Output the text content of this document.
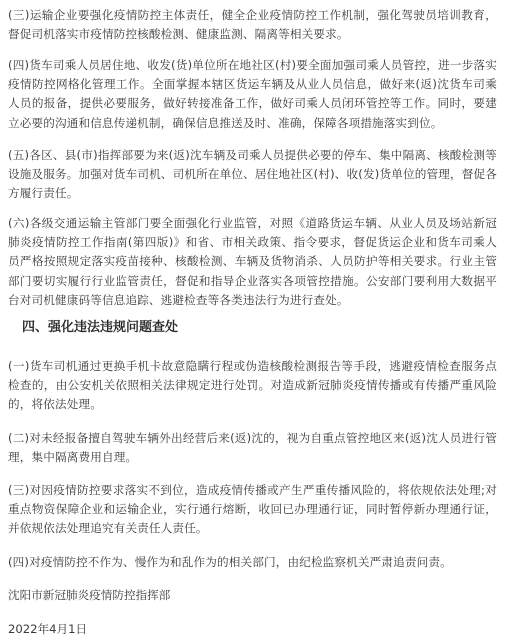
(三)运输企业要强化疫情防控主体责任，健全企业疫情防控工作机制，强化驾驶员培训教育，督促司机落实市疫情防控核酸检测、健康监测、隔离等相关要求。

(四)货车司乘人员居住地、收发(货)单位所在地社区(村)要全面加强司乘人员管控，进一步落实疫情防控网格化管理工作。全面掌握本辖区货运车辆及从业人员信息，做好来(返)沈货车司乘人员的报备，提供必要服务，做好转接准备工作，做好司乘人员闭环管控等工作。同时，要建立必要的沟通和信息传递机制，确保信息推送及时、准确，保障各项措施落实到位。

(五)各区、县(市)指挥部要为来(返)沈车辆及司乘人员提供必要的停车、集中隔离、核酸检测等设施及服务。加强对货车司机、司机所在单位、居住地社区(村)、收(发)货单位的管理，督促各方履行责任。

(六)各级交通运输主管部门要全面强化行业监管，对照《道路货运车辆、从业人员及场站新冠肺炎疫情防控工作指南(第四版)》和省、市相关政策、指令要求，督促货运企业和货车司乘人员严格按照规定落实疫苗接种、核酸检测、车辆及货物消杀、人员防护等相关要求。行业主管部门要切实履行行业监管责任，督促和指导企业落实各项管控措施。公安部门要利用大数据平台对司机健康码等信息追踪、逃避检查等各类违法行为进行查处。

四、强化违法违规问题查处

(一)货车司机通过更换手机卡故意隐瞒行程或伪造核酸检测报告等手段，逃避疫情检查服务点检查的，由公安机关依照相关法律规定进行处罚。对造成新冠肺炎疫情传播或有传播严重风险的，将依法处理。

(二)对未经报备擅自驾驶车辆外出经营后来(返)沈的，视为自重点管控地区来(返)沈人员进行管理，集中隔离费用自理。

(三)对因疫情防控要求落实不到位，造成疫情传播或产生严重传播风险的，将依规依法处理;对重点物资保障企业和运输企业，实行通行熔断，收回已办理通行证，同时暂停新办理通行证，并依规依法处理追究有关责任人责任。

(四)对疫情防控不作为、慢作为和乱作为的相关部门，由纪检监察机关严肃追责问责。

沈阳市新冠肺炎疫情防控指挥部

2022年4月1日
